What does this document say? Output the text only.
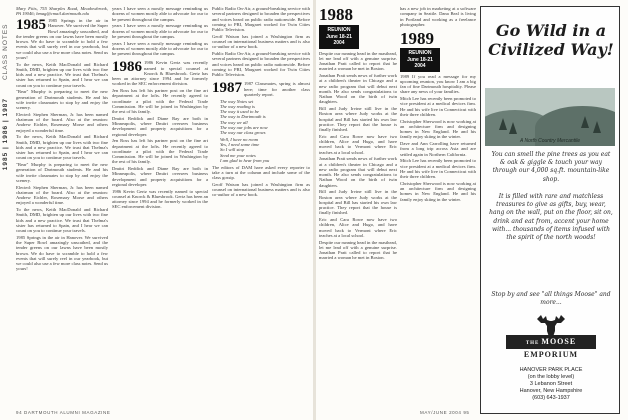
CLASS NOTES
1985 | 1986 | 1987

Mary Fitts, 755 Sharples Road, Meadowbrook, PA 19046; bmag@cmail.dartmouth.edu

1985 1985 Springs in the air in Hanover. We survived the Super Bowl amazingly unscathed, and the tender greens on our lawns have been mostly brown. We do have to scramble to hold a few events that will surely reel in our yearbook, but we could also use a few more class notes. Send us yours!

To the news, Keith MacDonald and Richard Smith, DMD, brighten up our lives with two fine kids and a new practice. We trust that Thelma's sister has returned to Spain, and I hear we can count on you to continue your travels.

"Bear" Murphy is preparing to meet the new generation of Dartmouth students. He and his wife invite classmates to stop by and enjoy the scenery.

Elected: Stephen Sherman, Jr. has been named chairman of the board. Also at the reunion: Andrew Eichler, Rosemary Morse and others enjoyed a wonderful time.

To the news, Keith MacDonald and Richard Smith, DMD, brighten up our lives with two fine kids and a new practice. We trust that Thelma's sister has returned to Spain, and I hear we can count on you to continue your travels.

"Bear" Murphy is preparing to meet the new generation of Dartmouth students. He and his wife invite classmates to stop by and enjoy the scenery.

Elected: Stephen Sherman, Jr. has been named chairman of the board. Also at the reunion: Andrew Eichler, Rosemary Morse and others enjoyed a wonderful time.

To the news, Keith MacDonald and Richard Smith, DMD, brighten up our lives with two fine kids and a new practice. We trust that Thelma's sister has returned to Spain, and I hear we can count on you to continue your travels.

1985 Springs in the air in Hanover. We survived the Super Bowl amazingly unscathed, and the tender greens on our lawns have been mostly brown. We do have to scramble to hold a few events that will surely reel in our yearbook, but we could also use a few more class notes. Send us yours!

years I have seen a mostly message reminding us dozens of women mostly able to advocate for our to be present throughout the campus.

years I have seen a mostly message reminding us dozens of women mostly able to advocate for our to be present throughout the campus.

years I have seen a mostly message reminding us dozens of women mostly able to advocate for our to be present throughout the campus.

1986 1986 Kevin Gertz was recently named to special counsel at Knorck & Bluesbrook. Gertz has been an attorney since 1994 and he formerly worked in the SEC enforcement division.

Jen Ross has left his partner post on the fine art department at the lofts. He recently agreed to coordinate a pilot with the Federal Trade Commission. He will be joined in Washington by the rest of his family.

Dmitri Reddick and Diane Ray are both in Minneapolis, where Dmitri oversees business development and property acquisitions for a regional developer.

Jen Ross has left his partner post on the fine art department at the lofts. He recently agreed to coordinate a pilot with the Federal Trade Commission. He will be joined in Washington by the rest of his family.

Dmitri Reddick and Diane Ray are both in Minneapolis, where Dmitri oversees business development and property acquisitions for a regional developer.

1986 Kevin Gertz was recently named to special counsel at Knorck & Bluesbrook. Gertz has been an attorney since 1994 and he formerly worked in the SEC enforcement division.

Public Radio On-Air, a ground-breaking service with several partners designed to broaden the perspectives and voices heard on public radio nationwide. Before coming to PRI, Margaret worked for Twin Cities Public Television.

Geoff Watson has joined a Washington firm as counsel on international business matters and is also co-author of a new book.

Public Radio On-Air, a ground-breaking service with several partners designed to broaden the perspectives and voices heard on public radio nationwide. Before coming to PRI, Margaret worked for Twin Cities Public Television.

1987 1987 Classmates, spring is almost here; time for another class quarterly report.

The way Notes set
The way reading is
The way it used to be
The way to Dartmouth is
The way we all
The way our jobs are now
The way our class grows

Well, I have no room
Yes, I need some time
So I will stop
Send me your notes
I am glad to hear from you

The editors of DAM have asked every reporter to take a turn at the column and include some of the class gossip.

Geoff Watson has joined a Washington firm as counsel on international business matters and is also co-author of a new book.

94 DARTMOUTH ALUMNI MAGAZINE
1988
REUNION
June 18-21
2004

Despite our running head in the masthead, let me lead off with a genuine surprise. Jonathan Pratt called to report that he married a woman he met in Boston.

Jonathan Pratt sends news of further work at a children's theater in Chicago and a new radio program that will debut next month. He also sends congratulations to Nathan Wood on the birth of twin daughters.

Bill and Judy Irvine still live in the Boston area where Judy works at the hospital and Bill has started his own law practice. They report that the house is finally finished.

Eric and Cara Rowe now have two children, Alice and Hugo, and have moved back to Vermont where Eric teaches at a local school.

Jonathan Pratt sends news of further work at a children's theater in Chicago and a new radio program that will debut next month. He also sends congratulations to Nathan Wood on the birth of twin daughters.

Bill and Judy Irvine still live in the Boston area where Judy works at the hospital and Bill has started his own law practice. They report that the house is finally finished.

Eric and Cara Rowe now have two children, Alice and Hugo, and have moved back to Vermont where Eric teaches at a local school.

Despite our running head in the masthead, let me lead off with a genuine surprise. Jonathan Pratt called to report that he married a woman he met in Boston.

has a new job in marketing at a software company in Seattle. Dana Beal is living in Portland and working as a freelance photographer.

1989
REUNION
June 18-21
2004

1989 If you read a message for my upcoming reunion, you know I am a big fan of fine Dartmouth hospitality. Please share any news of your families.

Mitch Lee has recently been promoted to vice president at a medical devices firm. He and his wife live in Connecticut with their three children.

Christopher Sherwood is now working at an architecture firm and designing homes in New England. He and his family enjoy skiing in the winter.

Dave and Ann Carrolling have returned from a long trip across Asia and are settled again in Northern California.

Mitch Lee has recently been promoted to vice president at a medical devices firm. He and his wife live in Connecticut with their three children.

Christopher Sherwood is now working at an architecture firm and designing homes in New England. He and his family enjoy skiing in the winter.

MAY/JUNE 2004 95
Go Wild in a Civilized Way!
A North Country Mercantile
You can smell the pine trees as you eat & oak & giggle & touch your way through our 4,000 sq.ft. mountain-like shop.
It is filled with rare and matchless treasures to give as gifts, buy, wear, hang on the wall, put on the floor, sit on, drink and eat from, accent your home with... thousands of items infused with the spirit of the north woods!
Stop by and see "all things Moose" and more...
THE MOOSE
EMPORIUM
HANOVER PARK PLACE
(on the lobby level)
3 Lebanon Street
Hanover, New Hampshire
(603) 643-1937
